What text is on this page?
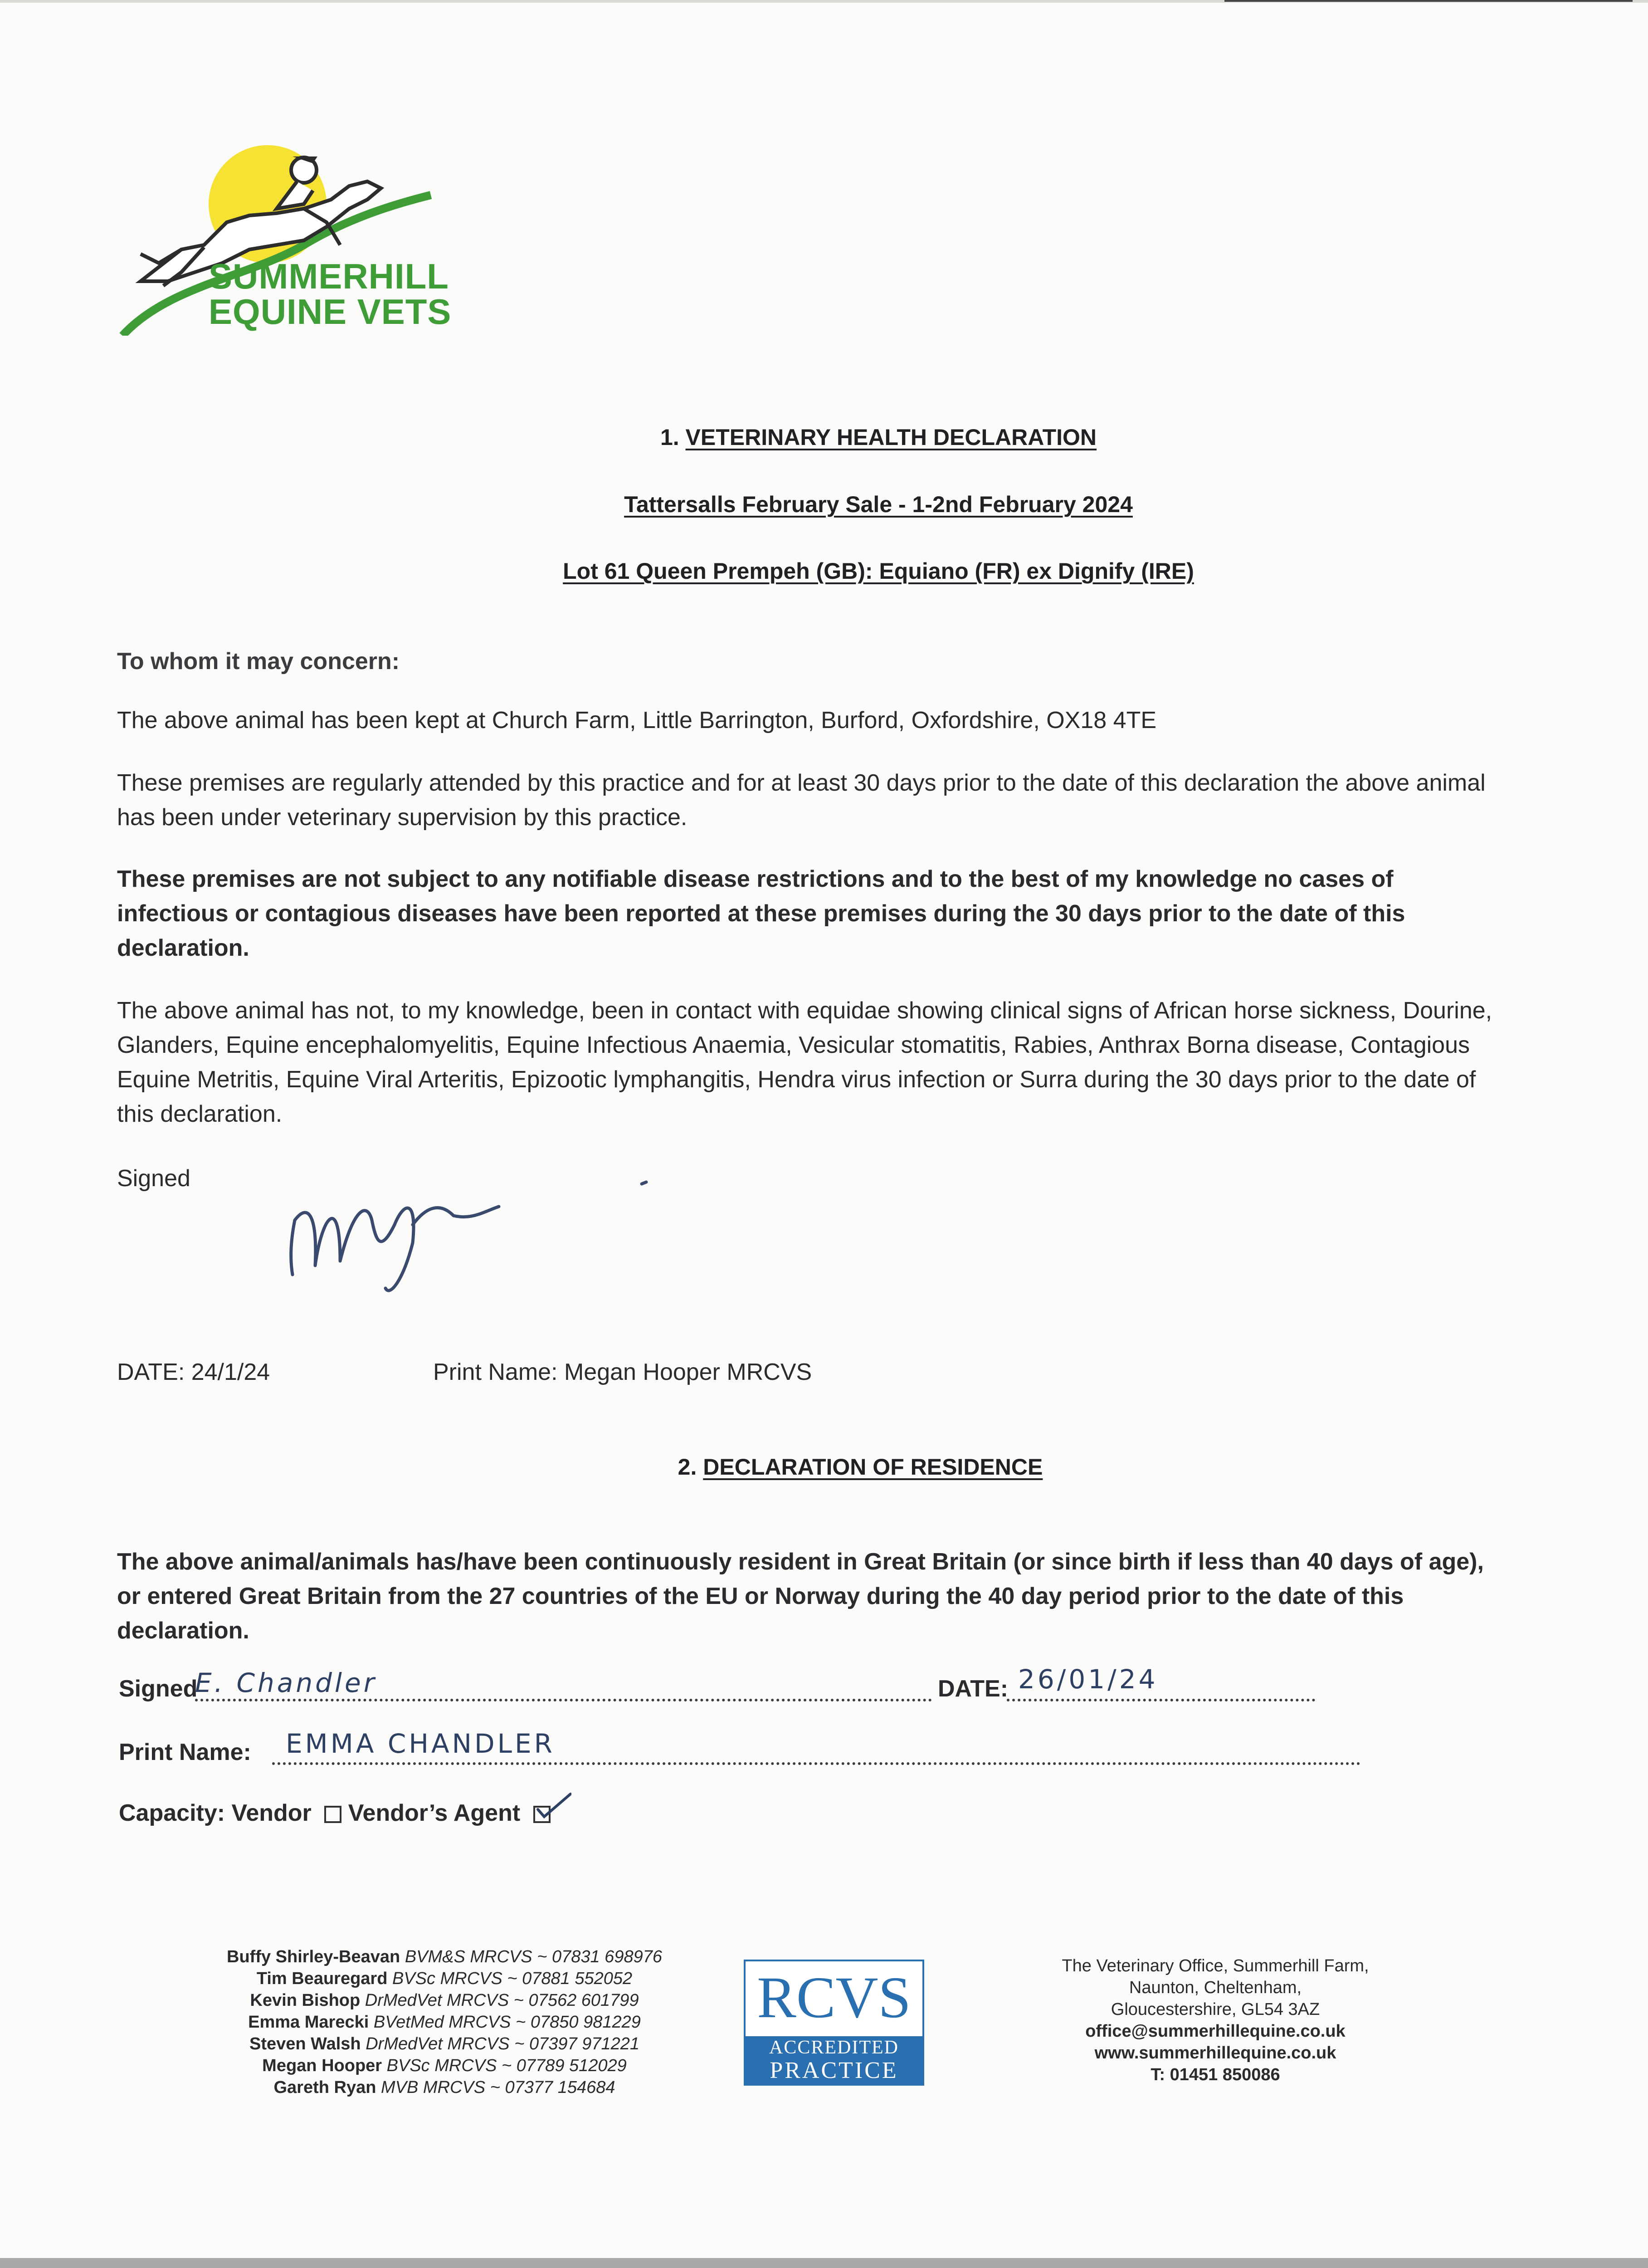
SUMMERHILL
EQUINE VETS
1. VETERINARY HEALTH DECLARATION
Tattersalls February Sale - 1-2nd February 2024
Lot 61 Queen Prempeh (GB): Equiano (FR) ex Dignify (IRE)
To whom it may concern:
The above animal has been kept at Church Farm, Little Barrington, Burford, Oxfordshire, OX18 4TE
These premises are regularly attended by this practice and for at least 30 days prior to the date of this declaration the above animal has been under veterinary supervision by this practice.
These premises are not subject to any notifiable disease restrictions and to the best of my knowledge no cases of infectious or contagious diseases have been reported at these premises during the 30 days prior to the date of this declaration.
The above animal has not, to my knowledge, been in contact with equidae showing clinical signs of African horse sickness, Dourine, Glanders, Equine encephalomyelitis, Equine Infectious Anaemia, Vesicular stomatitis, Rabies, Anthrax Borna disease, Contagious Equine Metritis, Equine Viral Arteritis, Epizootic lymphangitis, Hendra virus infection or Surra during the 30 days prior to the date of this declaration.
Signed
DATE: 24/1/24	Print Name: Megan Hooper MRCVS
2. DECLARATION OF RESIDENCE
The above animal/animals has/have been continuously resident in Great Britain (or since birth if less than 40 days of age), or entered Great Britain from the 27 countries of the EU or Norway during the 40 day period prior to the date of this declaration.
Signed
E. Chandler	DATE: 26/01/24
Print Name: EMMA CHANDLER
Capacity: Vendor Vendor’s Agent
Buffy Shirley-Beavan BVM&S MRCVS ~ 07831 698976
Tim Beauregard BVSc MRCVS ~ 07881 552052
Kevin Bishop DrMedVet MRCVS ~ 07562 601799
Emma Marecki BVetMed MRCVS ~ 07850 981229
Steven Walsh DrMedVet MRCVS ~ 07397 971221
Megan Hooper BVSc MRCVS ~ 07789 512029
Gareth Ryan MVB MRCVS ~ 07377 154684
RCVS
ACCREDITED
PRACTICE
The Veterinary Office, Summerhill Farm,
Naunton, Cheltenham,
Gloucestershire, GL54 3AZ
office@summerhillequine.co.uk
www.summerhillequine.co.uk
T: 01451 850086
